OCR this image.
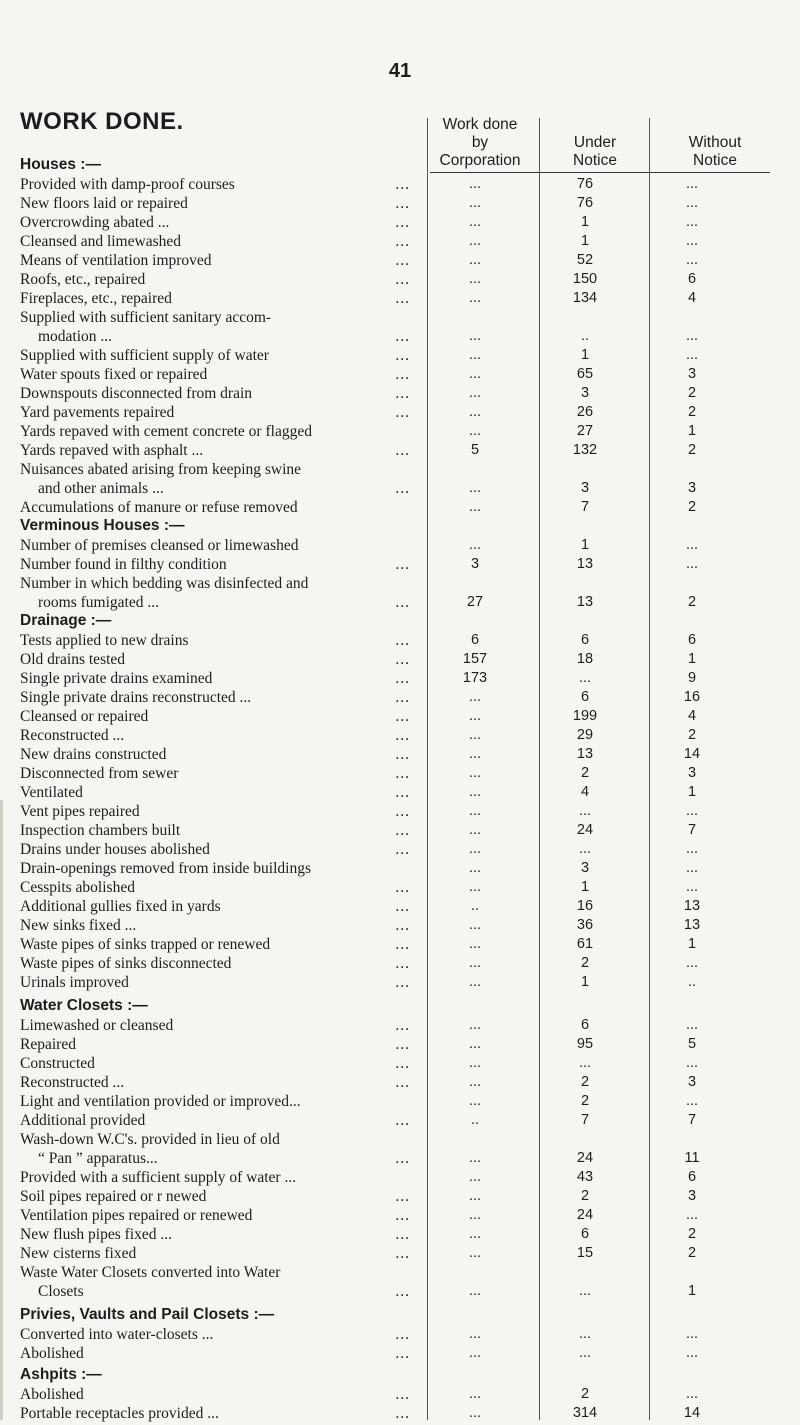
41
WORK DONE.	Work done
by
Corporation
Under
Notice
Without
Notice
Houses :—
Provided with damp-proof courses	...	...	76	...
New floors laid or repaired	...	...	76	...
Overcrowding abated ...	...	...	1	...
Cleansed and limewashed	...	...	1	...
Means of ventilation improved	...	...	52	...
Roofs, etc., repaired	...	...	150	6
Fireplaces, etc., repaired	...	...	134	4
Supplied with sufficient sanitary accom-
modation ...	...	...	..	...
Supplied with sufficient supply of water	...	...	1	...
Water spouts fixed or repaired	...	...	65	3
Downspouts disconnected from drain	...	...	3	2
Yard pavements repaired	...	...	26	2
Yards repaved with cement concrete or flagged	...	27	1
Yards repaved with asphalt ...	...	5	132	2
Nuisances abated arising from keeping swine
and other animals ...	...	...	3	3
Accumulations of manure or refuse removed	...	7	2
Verminous Houses :—
Number of premises cleansed or limewashed	...	1	...
Number found in filthy condition	...	3	13	...
Number in which bedding was disinfected and
rooms fumigated ...	...	27	13	2
Drainage :—
Tests applied to new drains	...	6	6	6
Old drains tested	...	157	18	1
Single private drains examined	...	173	...	9
Single private drains reconstructed ...	...	...	6	16
Cleansed or repaired	...	...	199	4
Reconstructed ...	...	...	29	2
New drains constructed	...	...	13	14
Disconnected from sewer	...	...	2	3
Ventilated	...	...	4	1
Vent pipes repaired	...	...	...	...
Inspection chambers built	...	...	24	7
Drains under houses abolished	...	...	...	...
Drain-openings removed from inside buildings	...	3	...
Cesspits abolished	...	...	1	...
Additional gullies fixed in yards	...	..	16	13
New sinks fixed ...	...	...	36	13
Waste pipes of sinks trapped or renewed	...	...	61	1
Waste pipes of sinks disconnected	...	...	2	...
Urinals improved	...	...	1	..
Water Closets :—
Limewashed or cleansed	...	...	6	...
Repaired	...	...	95	5
Constructed	...	...	...	...
Reconstructed ...	...	...	2	3
Light and ventilation provided or improved...	...	2	...
Additional provided	...	..	7	7
Wash-down W.C's. provided in lieu of old
“ Pan ” apparatus...	...	...	24	11
Provided with a sufficient supply of water ...	...	43	6
Soil pipes repaired or r newed	...	...	2	3
Ventilation pipes repaired or renewed	...	...	24	...
New flush pipes fixed ...	...	...	6	2
New cisterns fixed	...	...	15	2
Waste Water Closets converted into Water
Closets	...	...	...	1
Privies, Vaults and Pail Closets :—
Converted into water-closets ...	...	...	...	...
Abolished	...	...	...	...
Ashpits :—
Abolished	...	...	2	...
Portable receptacles provided ...	...	...	314	14
